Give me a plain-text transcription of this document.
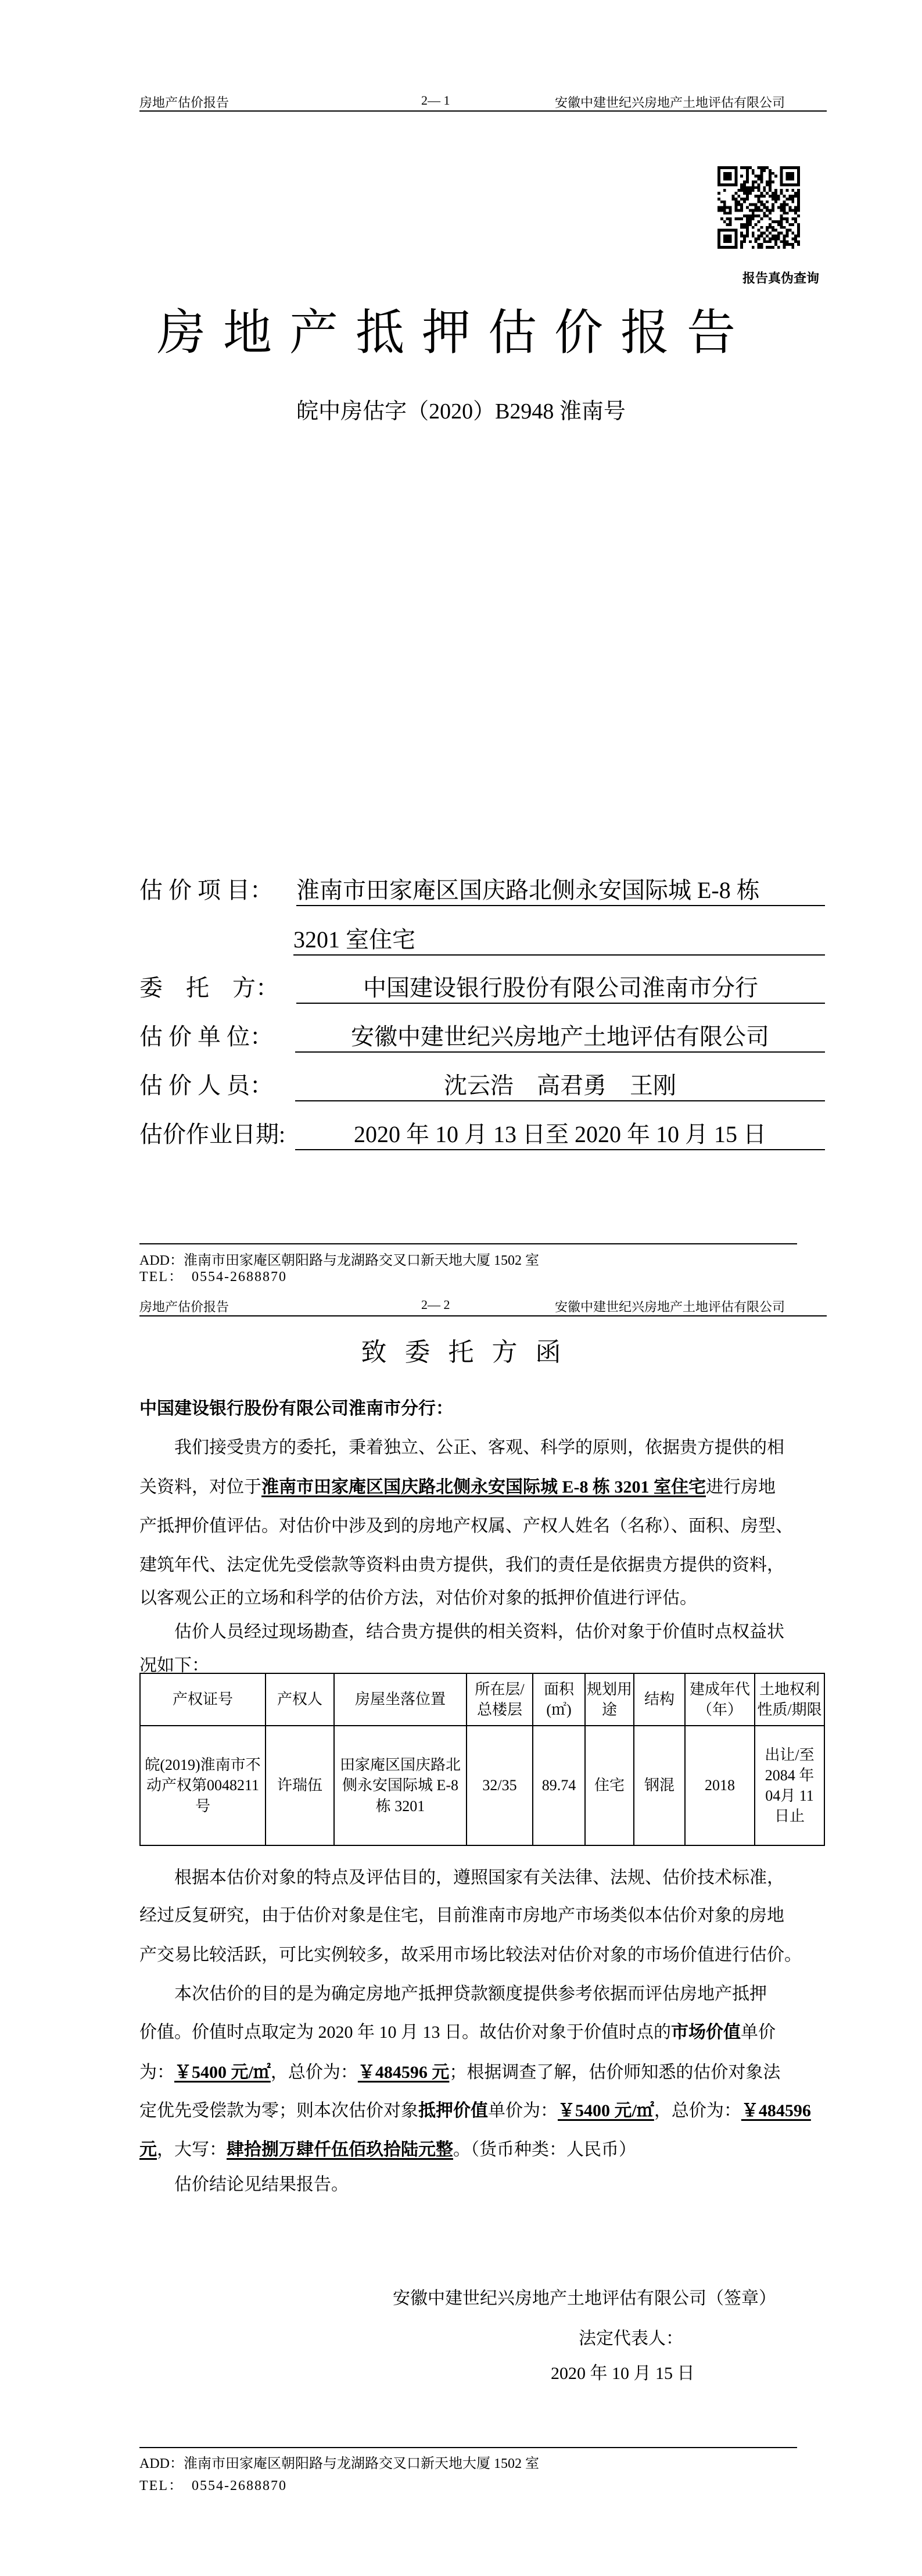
房地产估价报告	2— 1	安徽中建世纪兴房地产土地评估有限公司
报告真伪查询
房地产抵押估价报告
皖中房估字（2020）B2948 淮南号
估 价 项 目： 淮南市田家庵区国庆路北侧永安国际城 E-8 栋
3201 室住宅
委　托　方：	中国建设银行股份有限公司淮南市分行
估 价 单 位：	安徽中建世纪兴房地产土地评估有限公司
估 价 人 员：	沈云浩　高君勇　王刚
估价作业日期:	2020 年 10 月 13 日至 2020 年 10 月 15 日
ADD：淮南市田家庵区朝阳路与龙湖路交叉口新天地大厦 1502 室
TEL：　0554-2688870
房地产估价报告	2— 2	安徽中建世纪兴房地产土地评估有限公司
致 委 托 方 函
中国建设银行股份有限公司淮南市分行：
我们接受贵方的委托，秉着独立、公正、客观、科学的原则，依据贵方提供的相
关资料，对位于淮南市田家庵区国庆路北侧永安国际城 E-8 栋 3201 室住宅进行房地
产抵押价值评估。对估价中涉及到的房地产权属、产权人姓名（名称）、面积、房型、
建筑年代、法定优先受偿款等资料由贵方提供，我们的责任是依据贵方提供的资料，
以客观公正的立场和科学的估价方法，对估价对象的抵押价值进行评估。
估价人员经过现场勘查，结合贵方提供的相关资料，估价对象于价值时点权益状
况如下：
产权证号	产权人	房屋坐落位置	所在层/总楼层	面积(㎡)	规划用途	结构	建成年代（年）	土地权利性质/期限
皖(2019)淮南市不动产权第0048211号	许瑞伍	田家庵区国庆路北侧永安国际城 E-8栋 3201	32/35	89.74	住宅	钢混	2018	出让/至2084 年 04月 11 日止
根据本估价对象的特点及评估目的，遵照国家有关法律、法规、估价技术标准，
经过反复研究，由于估价对象是住宅，目前淮南市房地产市场类似本估价对象的房地
产交易比较活跃，可比实例较多，故采用市场比较法对估价对象的市场价值进行估价。
本次估价的目的是为确定房地产抵押贷款额度提供参考依据而评估房地产抵押
价值。价值时点取定为 2020 年 10 月 13 日。故估价对象于价值时点的市场价值单价
为：￥5400 元/㎡，总价为：￥484596 元；根据调查了解，估价师知悉的估价对象法
定优先受偿款为零；则本次估价对象抵押价值单价为：￥5400 元/㎡，总价为：￥484596
元，大写：肆拾捌万肆仟伍佰玖拾陆元整。（货币种类：人民币）
估价结论见结果报告。
安徽中建世纪兴房地产土地评估有限公司（签章）
法定代表人：
2020 年 10 月 15 日
ADD：淮南市田家庵区朝阳路与龙湖路交叉口新天地大厦 1502 室
TEL：　0554-2688870
